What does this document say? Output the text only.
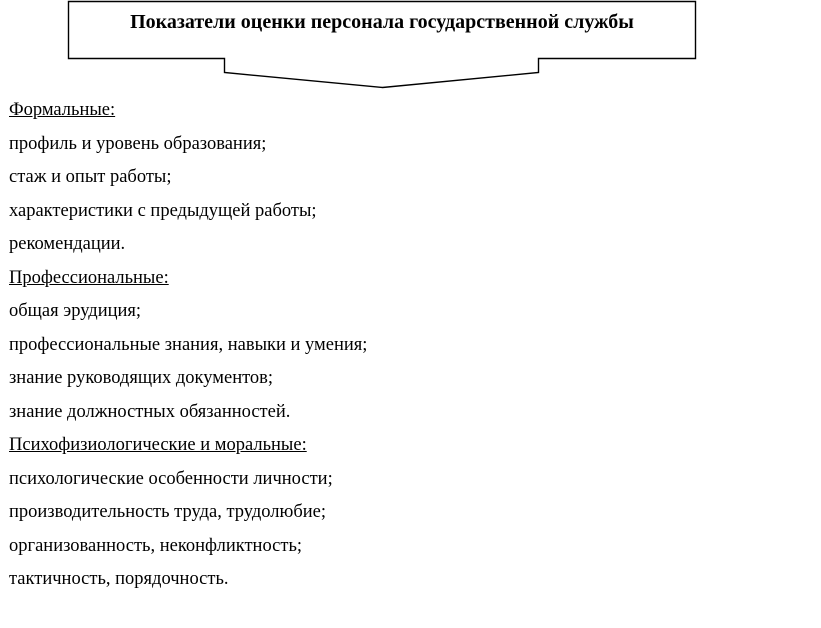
Показатели оценки персонала государственной службы
Формальные:
профиль и уровень образования;
стаж и опыт работы;
характеристики с предыдущей работы;
рекомендации.
Профессиональные:
общая эрудиция;
профессиональные знания, навыки и умения;
знание руководящих документов;
знание должностных обязанностей.
Психофизиологические и моральные:
психологические особенности личности;
производительность труда, трудолюбие;
организованность, неконфликтность;
тактичность, порядочность.
